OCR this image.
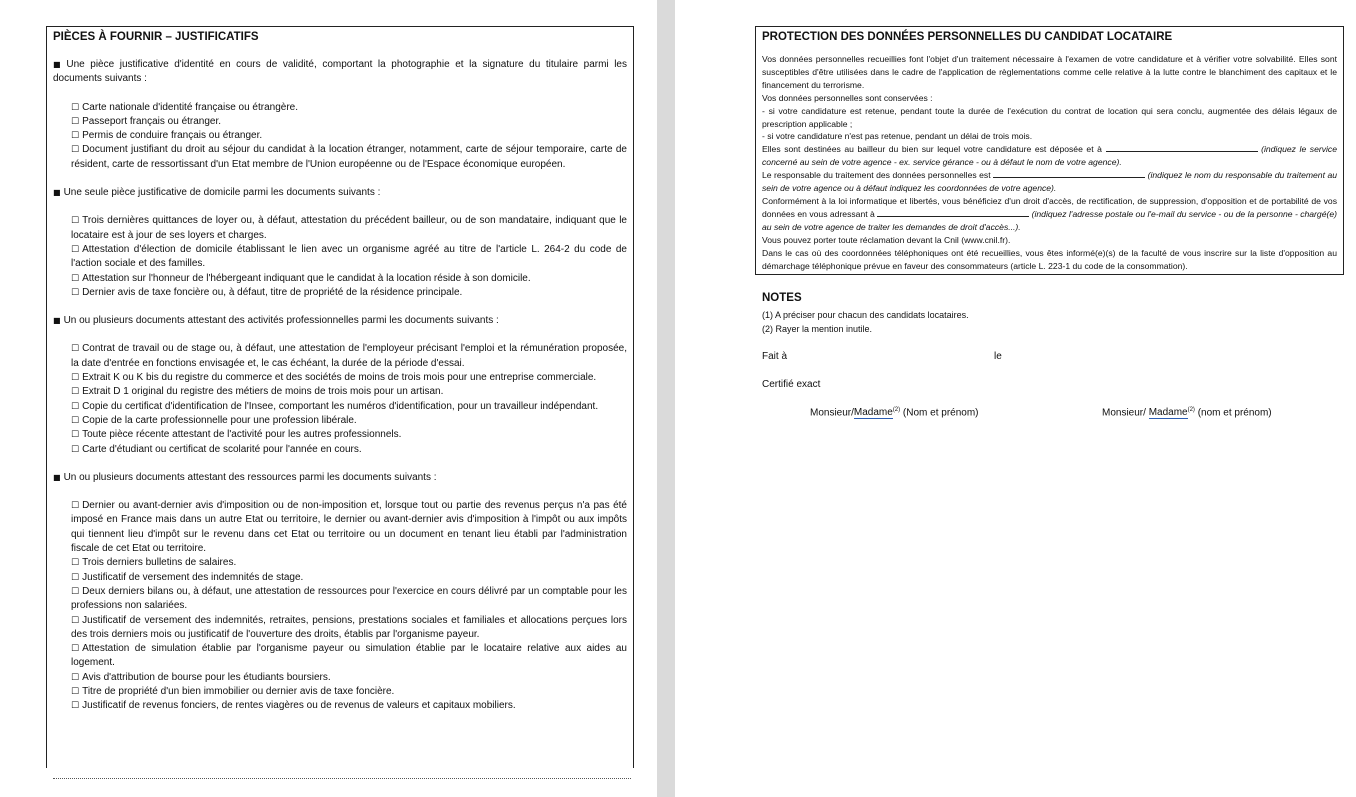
PIÈCES À FOURNIR – JUSTIFICATIFS
■ Une pièce justificative d'identité en cours de validité, comportant la photographie et la signature du titulaire parmi les documents suivants :
☐ Carte nationale d'identité française ou étrangère.
☐ Passeport français ou étranger.
☐ Permis de conduire français ou étranger.
☐ Document justifiant du droit au séjour du candidat à la location étranger, notamment, carte de séjour temporaire, carte de résident, carte de ressortissant d'un Etat membre de l'Union européenne ou de l'Espace économique européen.
■ Une seule pièce justificative de domicile parmi les documents suivants :
☐ Trois dernières quittances de loyer ou, à défaut, attestation du précédent bailleur, ou de son mandataire, indiquant que le locataire est à jour de ses loyers et charges.
☐ Attestation d'élection de domicile établissant le lien avec un organisme agréé au titre de l'article L. 264-2 du code de l'action sociale et des familles.
☐ Attestation sur l'honneur de l'hébergeant indiquant que le candidat à la location réside à son domicile.
☐ Dernier avis de taxe foncière ou, à défaut, titre de propriété de la résidence principale.
■ Un ou plusieurs documents attestant des activités professionnelles parmi les documents suivants :
☐ Contrat de travail ou de stage ou, à défaut, une attestation de l'employeur précisant l'emploi et la rémunération proposée, la date d'entrée en fonctions envisagée et, le cas échéant, la durée de la période d'essai.
☐ Extrait K ou K bis du registre du commerce et des sociétés de moins de trois mois pour une entreprise commerciale.
☐ Extrait D 1 original du registre des métiers de moins de trois mois pour un artisan.
☐ Copie du certificat d'identification de l'Insee, comportant les numéros d'identification, pour un travailleur indépendant.
☐ Copie de la carte professionnelle pour une profession libérale.
☐ Toute pièce récente attestant de l'activité pour les autres professionnels.
☐ Carte d'étudiant ou certificat de scolarité pour l'année en cours.
■ Un ou plusieurs documents attestant des ressources parmi les documents suivants :
☐ Dernier ou avant-dernier avis d'imposition ou de non-imposition et, lorsque tout ou partie des revenus perçus n'a pas été imposé en France mais dans un autre Etat ou territoire, le dernier ou avant-dernier avis d'imposition à l'impôt ou aux impôts qui tiennent lieu d'impôt sur le revenu dans cet Etat ou territoire ou un document en tenant lieu établi par l'administration fiscale de cet Etat ou territoire.
☐ Trois derniers bulletins de salaires.
☐ Justificatif de versement des indemnités de stage.
☐ Deux derniers bilans ou, à défaut, une attestation de ressources pour l'exercice en cours délivré par un comptable pour les professions non salariées.
☐ Justificatif de versement des indemnités, retraites, pensions, prestations sociales et familiales et allocations perçues lors des trois derniers mois ou justificatif de l'ouverture des droits, établis par l'organisme payeur.
☐ Attestation de simulation établie par l'organisme payeur ou simulation établie par le locataire relative aux aides au logement.
☐ Avis d'attribution de bourse pour les étudiants boursiers.
☐ Titre de propriété d'un bien immobilier ou dernier avis de taxe foncière.
☐ Justificatif de revenus fonciers, de rentes viagères ou de revenus de valeurs et capitaux mobiliers.
PROTECTION DES DONNÉES PERSONNELLES DU CANDIDAT LOCATAIRE

Vos données personnelles recueillies font l'objet d'un traitement nécessaire à l'examen de votre candidature et à vérifier votre solvabilité. Elles sont susceptibles d'être utilisées dans le cadre de l'application de règlementations comme celle relative à la lutte contre le blanchiment des capitaux et le financement du terrorisme.

Vos données personnelles sont conservées :

- si votre candidature est retenue, pendant toute la durée de l'exécution du contrat de location qui sera conclu, augmentée des délais légaux de prescription applicable ;

- si votre candidature n'est pas retenue, pendant un délai de trois mois.

Elles sont destinées au bailleur du bien sur lequel votre candidature est déposée et à	(indiquez le service concerné au sein de votre agence - ex. service gérance - ou à défaut le nom de votre agence).

Le responsable du traitement des données personnelles est	(indiquez le nom du responsable du traitement au sein de votre agence ou à défaut indiquez les coordonnées de votre agence).

Conformément à la loi informatique et libertés, vous bénéficiez d'un droit d'accès, de rectification, de suppression, d'opposition et de portabilité de vos données en vous adressant à	(indiquez l'adresse postale ou l'e-mail du service - ou de la personne - chargé(e) au sein de votre agence de traiter les demandes de droit d'accès...).

Vous pouvez porter toute réclamation devant la Cnil (www.cnil.fr).

Dans le cas où des coordonnées téléphoniques ont été recueillies, vous êtes informé(e)(s) de la faculté de vous inscrire sur la liste d'opposition au démarchage téléphonique prévue en faveur des consommateurs (article L. 223-1 du code de la consommation).

NOTES
(1) A préciser pour chacun des candidats locataires.
(2) Rayer la mention inutile.
Fait à	le
Certifié exact
Monsieur/Madame$^{(2)}$ (Nom et prénom)	Monsieur/ Madame$^{(2)}$ (nom et prénom)
